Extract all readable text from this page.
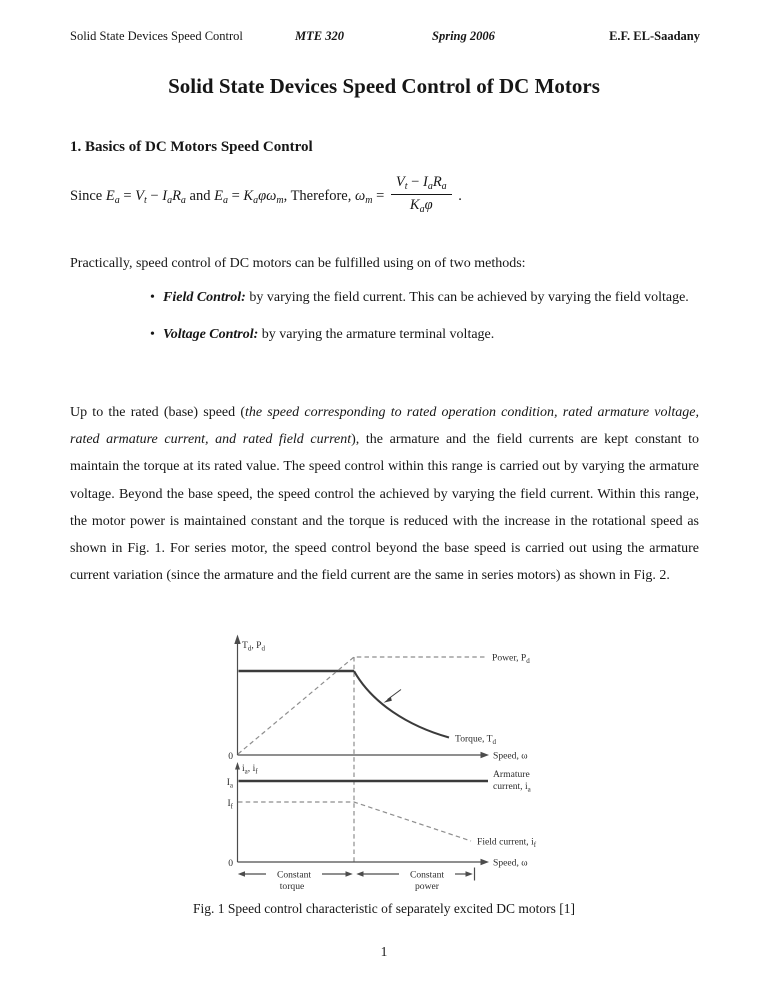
Solid State Devices Speed Control	MTE 320	Spring 2006	E.F. EL-Saadany
Solid State Devices Speed Control of DC Motors
1. Basics of DC Motors Speed Control
Since $E_a = V_t - I_aR_a$ and $E_a = K_a\varphi\omega_m$, Therefore, $\omega_m = \frac{V_t - I_aR_a}{K_a\varphi}$ .
Practically, speed control of DC motors can be fulfilled using on of two methods:
• Field Control: by varying the field current. This can be achieved by varying the field voltage.
• Voltage Control: by varying the armature terminal voltage.
Up to the rated (base) speed (the speed corresponding to rated operation condition, rated armature voltage, rated armature current, and rated field current), the armature and the field currents are kept constant to maintain the torque at its rated value. The speed control within this range is carried out by varying the armature voltage. Beyond the base speed, the speed control the achieved by varying the field current. Within this range, the motor power is maintained constant and the torque is reduced with the increase in the rotational speed as shown in Fig. 1. For series motor, the speed control beyond the base speed is carried out using the armature current variation (since the armature and the field current are the same in series motors) as shown in Fig. 2.
$T_d$, $P_d$
0	Speed, ω
Torque, $T_d$
Power, $P_d$
$i_a$, $i_f$
$I_a$
$I_f$
Armature
current, $i_a$
Field current, $i_f$
0	Speed, ω
Constant
torque
Constant
power
Fig. 1 Speed control characteristic of separately excited DC motors [1]
1
